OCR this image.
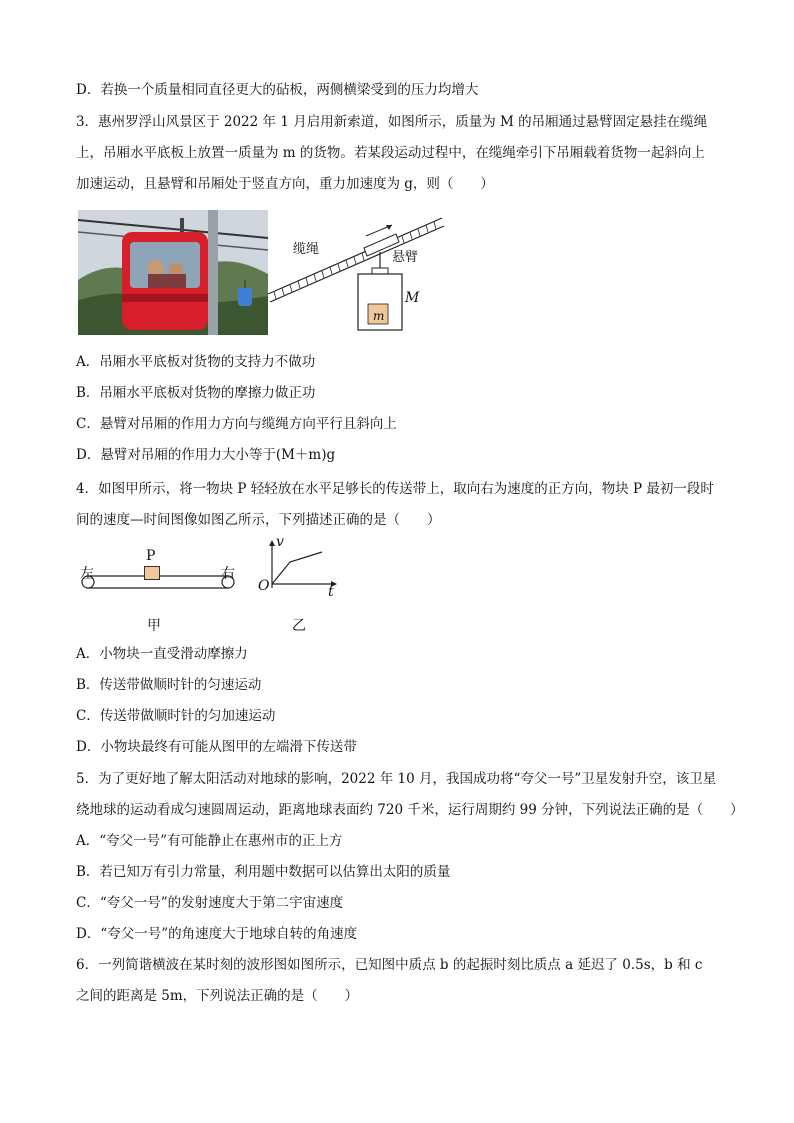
D．若换一个质量相同直径更大的砧板，两侧横梁受到的压力均增大
3．惠州罗浮山风景区于 2022 年 1 月启用新索道，如图所示，质量为 M 的吊厢通过悬臂固定悬挂在缆绳
上，吊厢水平底板上放置一质量为 m 的货物。若某段运动过程中，在缆绳牵引下吊厢载着货物一起斜向上
加速运动，且悬臂和吊厢处于竖直方向，重力加速度为 g，则（　　）
缆绳
悬臂
M
m
A．吊厢水平底板对货物的支持力不做功
B．吊厢水平底板对货物的摩擦力做正功
C．悬臂对吊厢的作用力方向与缆绳方向平行且斜向上
D．悬臂对吊厢的作用力大小等于(M＋m)g
4．如图甲所示，将一物块 P 轻轻放在水平足够长的传送带上，取向右为速度的正方向，物块 P 最初一段时
间的速度—时间图像如图乙所示，下列描述正确的是（　　）
P
左	右
甲
v
t
O
乙
A．小物块一直受滑动摩擦力
B．传送带做顺时针的匀速运动
C．传送带做顺时针的匀加速运动
D．小物块最终有可能从图甲的左端滑下传送带
5．为了更好地了解太阳活动对地球的影响，2022 年 10 月，我国成功将“夸父一号”卫星发射升空，该卫星
绕地球的运动看成匀速圆周运动，距离地球表面约 720 千米，运行周期约 99 分钟，下列说法正确的是（　　）
A．“夸父一号”有可能静止在惠州市的正上方
B．若已知万有引力常量，利用题中数据可以估算出太阳的质量
C．“夸父一号”的发射速度大于第二宇宙速度
D．“夸父一号”的角速度大于地球自转的角速度
6．一列简谐横波在某时刻的波形图如图所示，已知图中质点 b 的起振时刻比质点 a 延迟了 0.5s，b 和 c
之间的距离是 5m，下列说法正确的是（　　）
